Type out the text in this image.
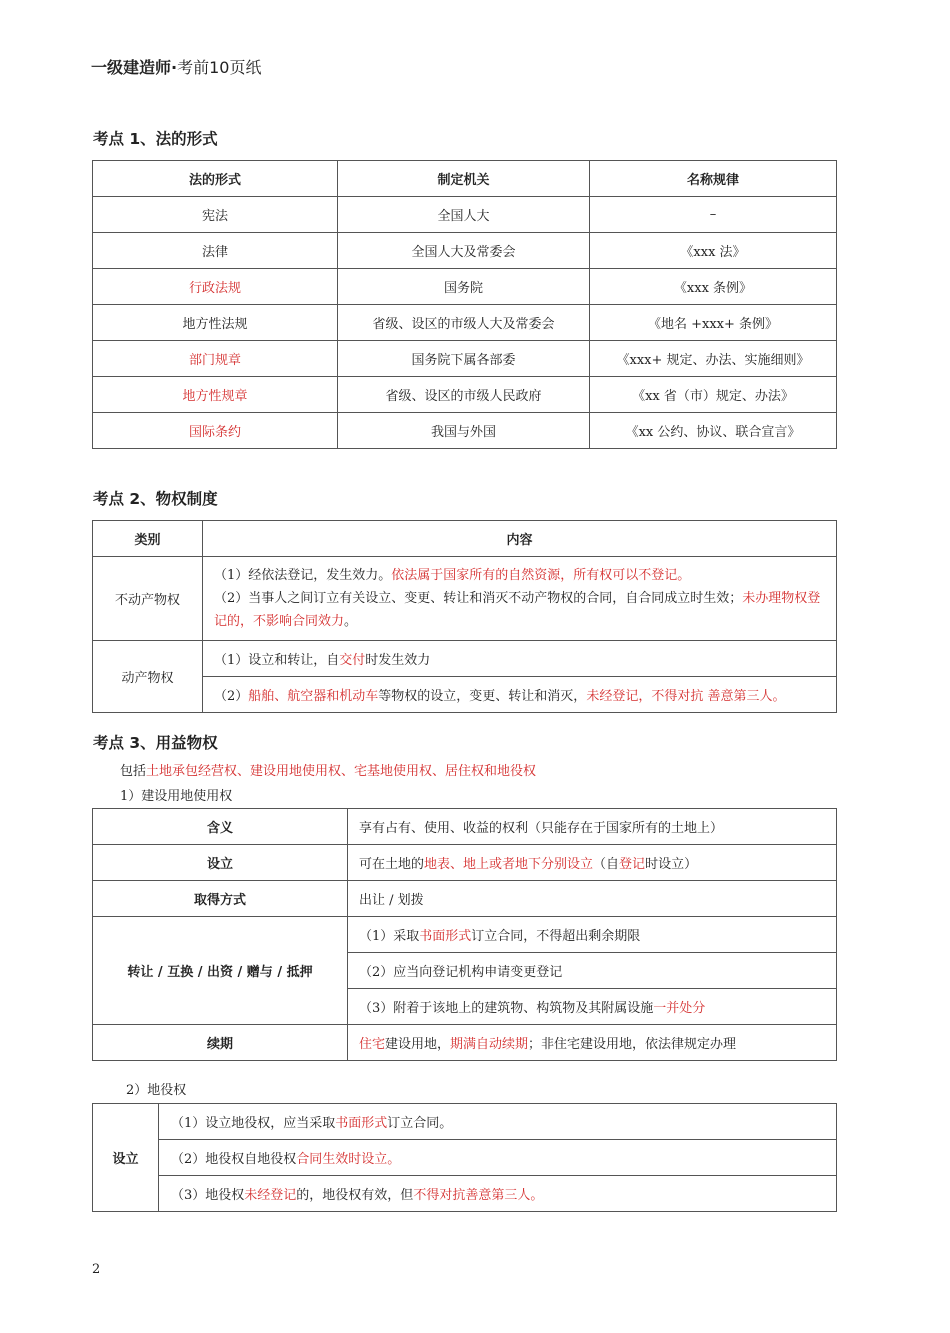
一级建造师·考前10页纸
考点 1、法的形式
法的形式	制定机关	名称规律
宪法	全国人大	–
法律	全国人大及常委会	《xxx 法》
行政法规	国务院	《xxx 条例》
地方性法规	省级、设区的市级人大及常委会	《地名 +xxx+ 条例》
部门规章	国务院下属各部委	《xxx+ 规定、办法、实施细则》
地方性规章	省级、设区的市级人民政府	《xx 省（市）规定、办法》
国际条约	我国与外国	《xx 公约、协议、联合宣言》
考点 2、物权制度
类别	内容
不动产物权	（1）经依法登记，发生效力。依法属于国家所有的自然资源，所有权可以不登记。
（2）当事人之间订立有关设立、变更、转让和消灭不动产物权的合同，自合同成立时生效；未办理物权登记的，不影响合同效力。

动产物权	（1）设立和转让，自交付时发生效力
	（2）船舶、航空器和机动车等物权的设立，变更、转让和消灭，未经登记，不得对抗 善意第三人。
考点 3、用益物权
包括土地承包经营权、建设用地使用权、宅基地使用权、居住权和地役权
1）建设用地使用权
含义	享有占有、使用、收益的权利（只能存在于国家所有的土地上）
设立	可在土地的地表、地上或者地下分别设立（自登记时设立）
取得方式	出让 / 划拨
转让 / 互换 / 出资 / 赠与 / 抵押	（1）采取书面形式订立合同，不得超出剩余期限
	（2）应当向登记机构申请变更登记
	（3）附着于该地上的建筑物、构筑物及其附属设施一并处分
续期	住宅建设用地，期满自动续期；非住宅建设用地，依法律规定办理
2）地役权
设立	（1）设立地役权，应当采取书面形式订立合同。
（2）地役权自地役权合同生效时设立。
（3）地役权未经登记的，地役权有效，但不得对抗善意第三人。
2
